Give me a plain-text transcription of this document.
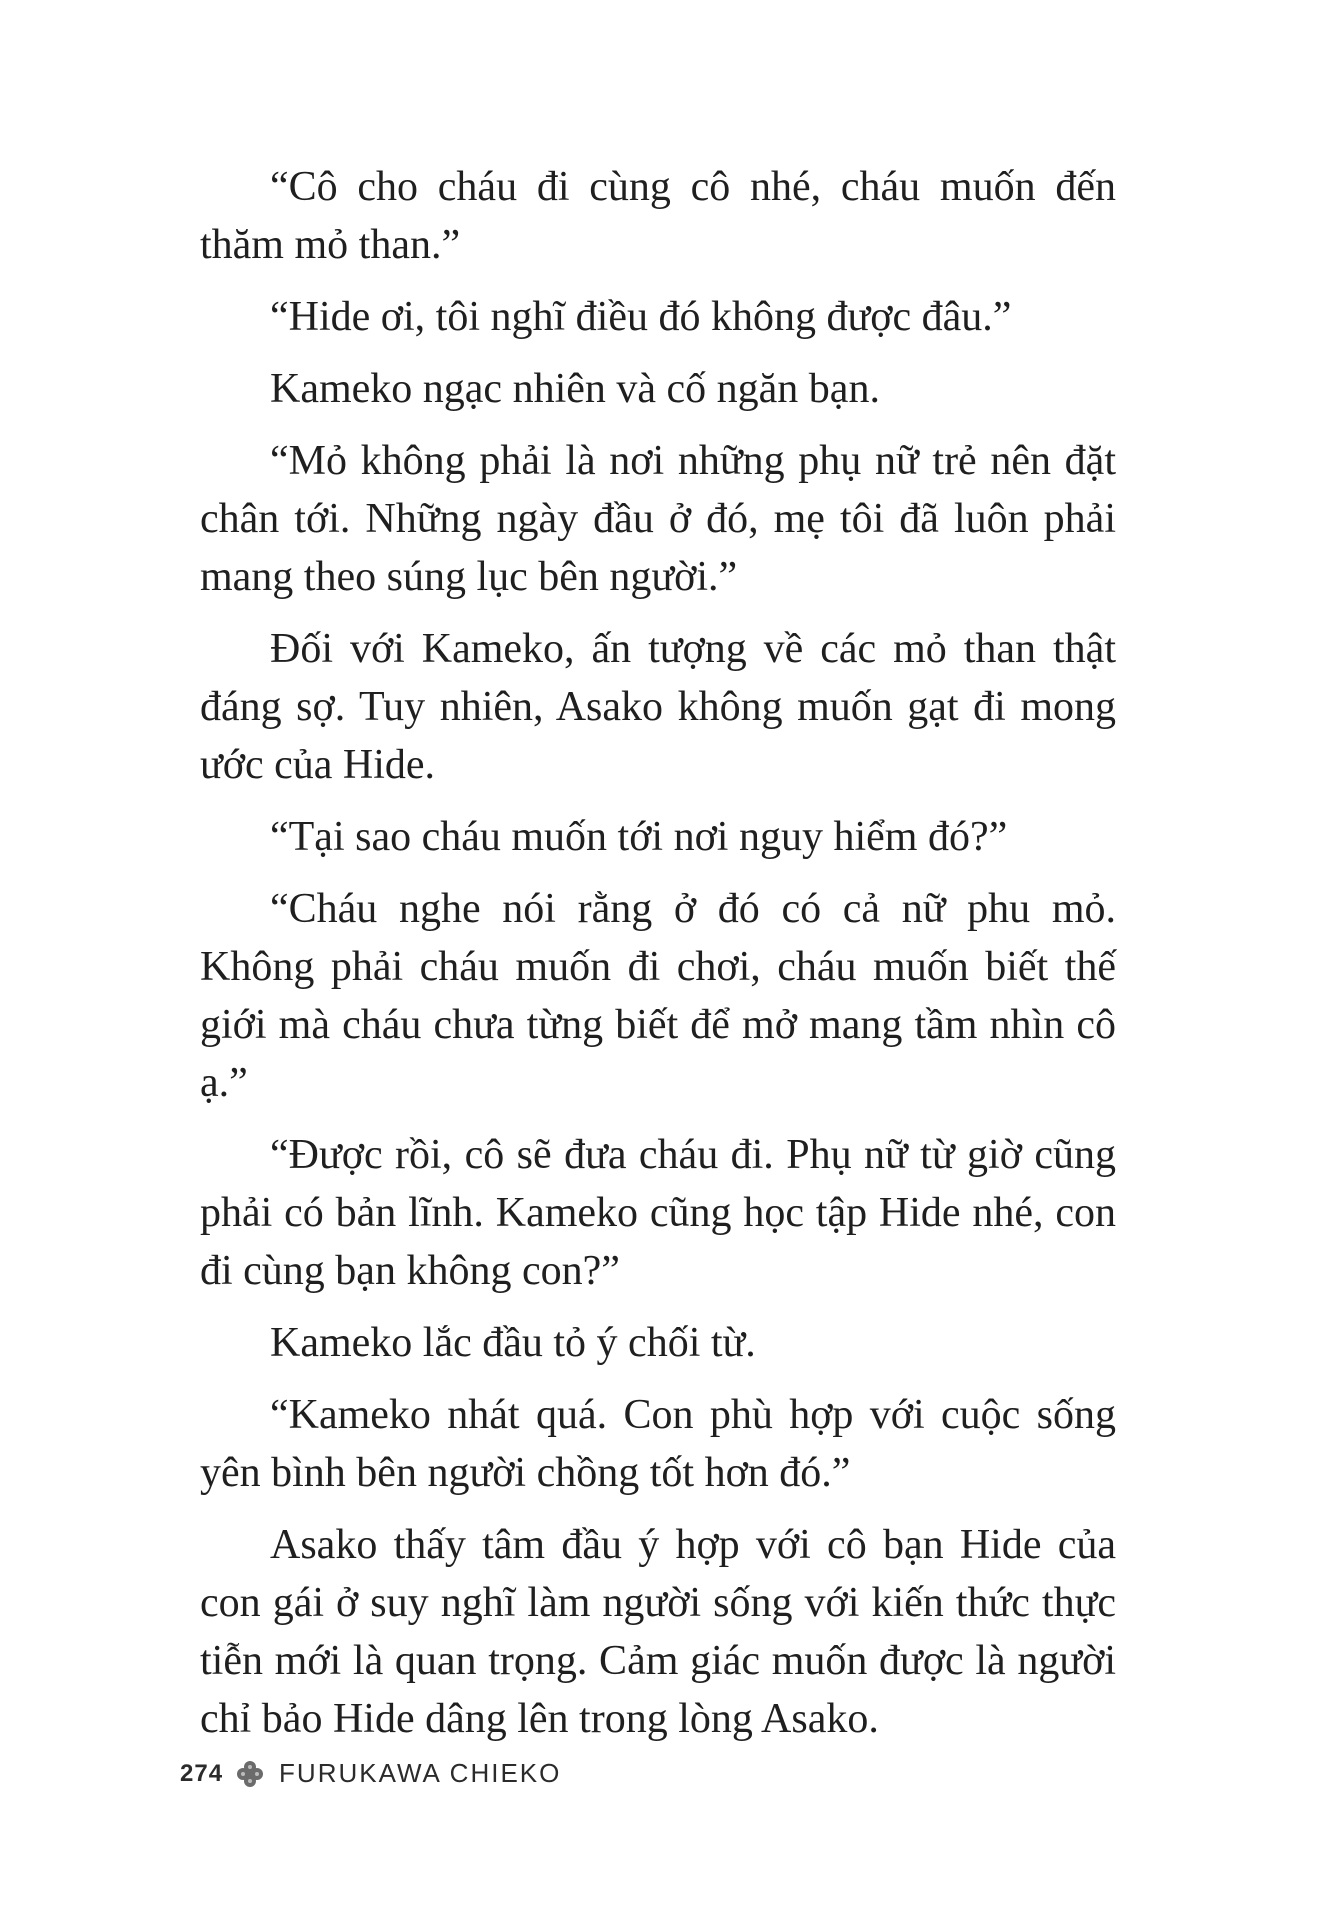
“Cô cho cháu đi cùng cô nhé, cháu muốn đến thăm mỏ than.”

“Hide ơi, tôi nghĩ điều đó không được đâu.”

Kameko ngạc nhiên và cố ngăn bạn.

“Mỏ không phải là nơi những phụ nữ trẻ nên đặt chân tới. Những ngày đầu ở đó, mẹ tôi đã luôn phải mang theo súng lục bên người.”

Đối với Kameko, ấn tượng về các mỏ than thật đáng sợ. Tuy nhiên, Asako không muốn gạt đi mong ước của Hide.

“Tại sao cháu muốn tới nơi nguy hiểm đó?”

“Cháu nghe nói rằng ở đó có cả nữ phu mỏ. Không phải cháu muốn đi chơi, cháu muốn biết thế giới mà cháu chưa từng biết để mở mang tầm nhìn cô ạ.”

“Được rồi, cô sẽ đưa cháu đi. Phụ nữ từ giờ cũng phải có bản lĩnh. Kameko cũng học tập Hide nhé, con đi cùng bạn không con?”

Kameko lắc đầu tỏ ý chối từ.

“Kameko nhát quá. Con phù hợp với cuộc sống yên bình bên người chồng tốt hơn đó.”

Asako thấy tâm đầu ý hợp với cô bạn Hide của con gái ở suy nghĩ làm người sống với kiến thức thực tiễn mới là quan trọng. Cảm giác muốn được là người chỉ bảo Hide dâng lên trong lòng Asako.

274 FURUKAWA CHIEKO
